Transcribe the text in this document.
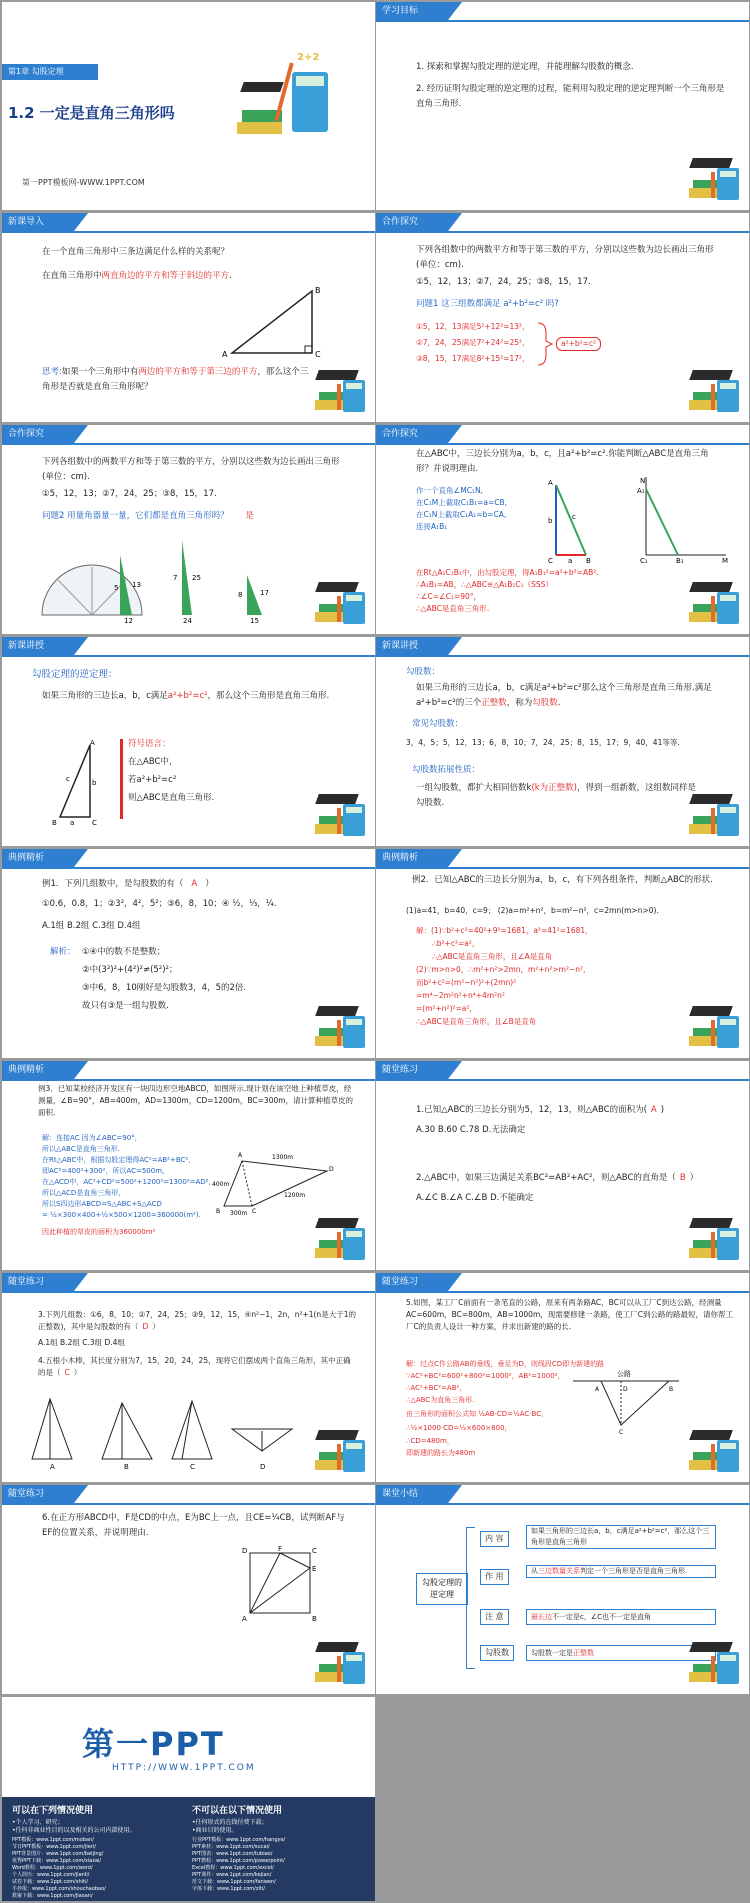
第1章 勾股定理
1.2 一定是直角三角形吗
第一PPT模板网-WWW.1PPT.COM
2+2
学习目标
1. 探索和掌握勾股定理的逆定理，并能理解勾股数的概念.
2. 经历证明勾股定理的逆定理的过程，能利用勾股定理的逆定理判断一个三角形是直角三角形.
新课导入
在一个直角三角形中三条边满足什么样的关系呢？
在直角三角形中两直角边的平方和等于斜边的平方.
A
B
C
思考:如果一个三角形中有两边的平方和等于第三边的平方，那么这个三角形是否就是直角三角形呢？
合作探究
下列各组数中的两数平方和等于第三数的平方，分别以这些数为边长画出三角形(单位：cm).
①5，12，13；②7，24，25；③8，15，17.
问题1 这三组数都满足 a²+b²=c² 吗?
①5，12，13满足5²+12²=13²，
②7，24，25满足7²+24²=25²，
③8，15，17满足8²+15²=17²，
a²+b²=c²
合作探究
下列各组数中的两数平方和等于第三数的平方，分别以这些数为边长画出三角形(单位：cm).
①5，12，13；②7，24，25；③8，15，17.
问题2 用量角器量一量，它们都是直角三角形吗？ 是
5 13
12
7 25
24
8	17
15
合作探究
在△ABC中，三边长分别为a，b，c，且a²+b²=c².你能判断△ABC是直角三角形？并说明理由.
作一个直角∠MC₁N,
在C₁M上截取C₁B₁=a=CB,
在C₁N上截取C₁A₁=b=CA,
连接A₁B₁
A
C	B
b
a
c
N
A₁
C₁	B₁	M
在Rt△A₁C₁B₁中，由勾股定理，得A₁B₁²=a²+b²=AB².
∴A₁B₁=AB，∴△ABC≌△A₁B₁C₁（SSS）
∴∠C=∠C₁=90°，
∴△ABC是直角三角形.
新课讲授
勾股定理的逆定理：
如果三角形的三边长a，b，c满足a²+b²=c²，那么这个三角形是直角三角形.
A
B	C
a
b
c
符号语言：
在△ABC中，
若a²+b²=c²
则△ABC是直角三角形.
新课讲授
勾股数：
如果三角形的三边长a，b，c满足a²+b²=c²那么这个三角形是直角三角形.满足a²+b²=c²的三个正整数，称为勾股数.
常见勾股数：
3，4，5；5，12，13；6，8，10；7，24，25；8，15，17；9，40，41等等.
勾股数拓展性质：
一组勾股数，都扩大相同倍数k(k为正整数)，得到一组新数，这组数同样是勾股数.
典例精析
例1．下列几组数中，是勾股数的有（ A ）
①0.6，0.8，1；②3²，4²，5²；③6，8，10；④ ½，⅓，¼.
A.1组 B.2组 C.3组 D.4组
解析： ①④中的数不是整数；
②中(3²)²+(4²)²≠(5²)²；
③中6，8，10刚好是勾股数3，4，5的2倍.
故只有③是一组勾股数.
典例精析
例2．已知△ABC的三边长分别为a，b，c，有下列各组条件，判断△ABC的形状.
(1)a=41，b=40，c=9； (2)a=m²+n²，b=m²−n²，c=2mn(m>n>0).
解：(1)∵b²+c²=40²+9²=1681，a²=41²=1681，
∴b²+c²=a²，
∴△ABC是直角三角形，且∠A是直角
(2)∵m>n>0，∴m²+n²>2mn，m²+n²>m²−n²，
而b²+c²=(m²−n²)²+(2mn)²
=m⁴−2m²n²+n⁴+4m²n²
=(m²+n²)²=a²，
∴△ABC是直角三角形，且∠B是直角
典例精析
例3．已知某校经济开发区有一块四边形空地ABCD，如图所示.现计划在该空地上种植草皮，经测量，∠B=90°，AB=400m，AD=1300m，CD=1200m，BC=300m，请计算种植草皮的面积.
解：连接AC 因为∠ABC=90°，
所以△ABC是直角三角形.
在Rt△ABC中，根据勾股定理得AC²=AB²+BC²，
即AC²=400²+300²，所以AC=500m，
在△ACD中，AC²+CD²=500²+1200²=1300²=AD²，
所以△ACD是直角三角形，
所以S四边形ABCD=S△ABC+S△ACD
= ½×300×400+½×500×1200=360000(m²).
因此种植的草皮的面积为360000m²
A
B	C
D
1300m
400m
1200m
300m
随堂练习
1.已知△ABC的三边长分别为5，12，13，则△ABC的面积为( A )
A.30 B.60 C.78 D.无法确定
2.△ABC中，如果三边满足关系BC²=AB²+AC²，则△ABC的直角是（ B ）
A.∠C B.∠A C.∠B D.不能确定
随堂练习
3.下列几组数：①6，8，10；②7，24，25；③9，12，15，④n²−1，2n，n²+1(n是大于1的正整数)，其中是勾股数的有（ D ）
A.1组 B.2组 C.3组 D.4组
4.五根小木棒，其长度分别为7，15，20，24，25，现将它们摆成两个直角三角形，其中正确的是（ C ）
A	B	C	D
随堂练习
5.如图，某工厂C前面有一条笔直的公路，原来有两条路AC，BC可以从工厂C到达公路，经测量AC=600m，BC=800m，AB=1000m，现需要修建一条路，使工厂C到公路的路最短，请你帮工厂C的负责人设计一种方案，并求出新建的路的长.
解：过点C作公路AB的垂线，垂足为D，则线段CD即为新建的路
∵AC²+BC²=600²+800²=1000²，AB²=1000²，
∴AC²+BC²=AB²，
∴△ABC为直角三角形.
由三角形的面积公式知 ½AB·CD=½AC·BC，
∴½×1000·CD=½×600×800，
∴CD=480m，
即新建的路长为480m
公路
A	B
C
D
随堂练习
6.在正方形ABCD中，F是CD的中点，E为BC上一点，且CE=¼CB，试判断AF与EF的位置关系，并说明理由.
D	C
A	B
E
F
课堂小结
勾股定理的逆定理
内 容
如果三角形的三边长a，b，c满足a²+b²=c²，那么这个三角形是直角三角形
作 用
从三边数量关系判定一个三角形是否是直角三角形.
注 意	最长边不一定是c，∠C也不一定是直角
勾股数	勾股数一定是正整数
第一PPT
HTTP://WWW.1PPT.COM
可以在下列情况使用
•个人学习、研究；
•任何非商业性目的以及相关的公司内部使用。
不可以在以下情况使用
•任何形式的在线付费下载；
•商业目的使用。
PPT模板：www.1ppt.com/moban/
节日PPT模板：www.1ppt.com/jieri/
PPT背景图片：www.1ppt.com/beijing/
优秀PPT下载：www.1ppt.com/xiazai/
Word教程：www.1ppt.com/word/
个人简历：www.1ppt.com/jianli/
试卷下载：www.1ppt.com/shiti/
手抄报：www.1ppt.com/shouchaobao/
教案下载：www.1ppt.com/jiaoan/
行业PPT模板：www.1ppt.com/hangye/
PPT素材：www.1ppt.com/sucai/
PPT图表：www.1ppt.com/tubiao/
PPT教程：www.1ppt.com/powerpoint/
Excel教程：www.1ppt.com/excel/
PPT课件：www.1ppt.com/kejian/
范文下载：www.1ppt.com/fanwen/
字体下载：www.1ppt.com/ziti/
